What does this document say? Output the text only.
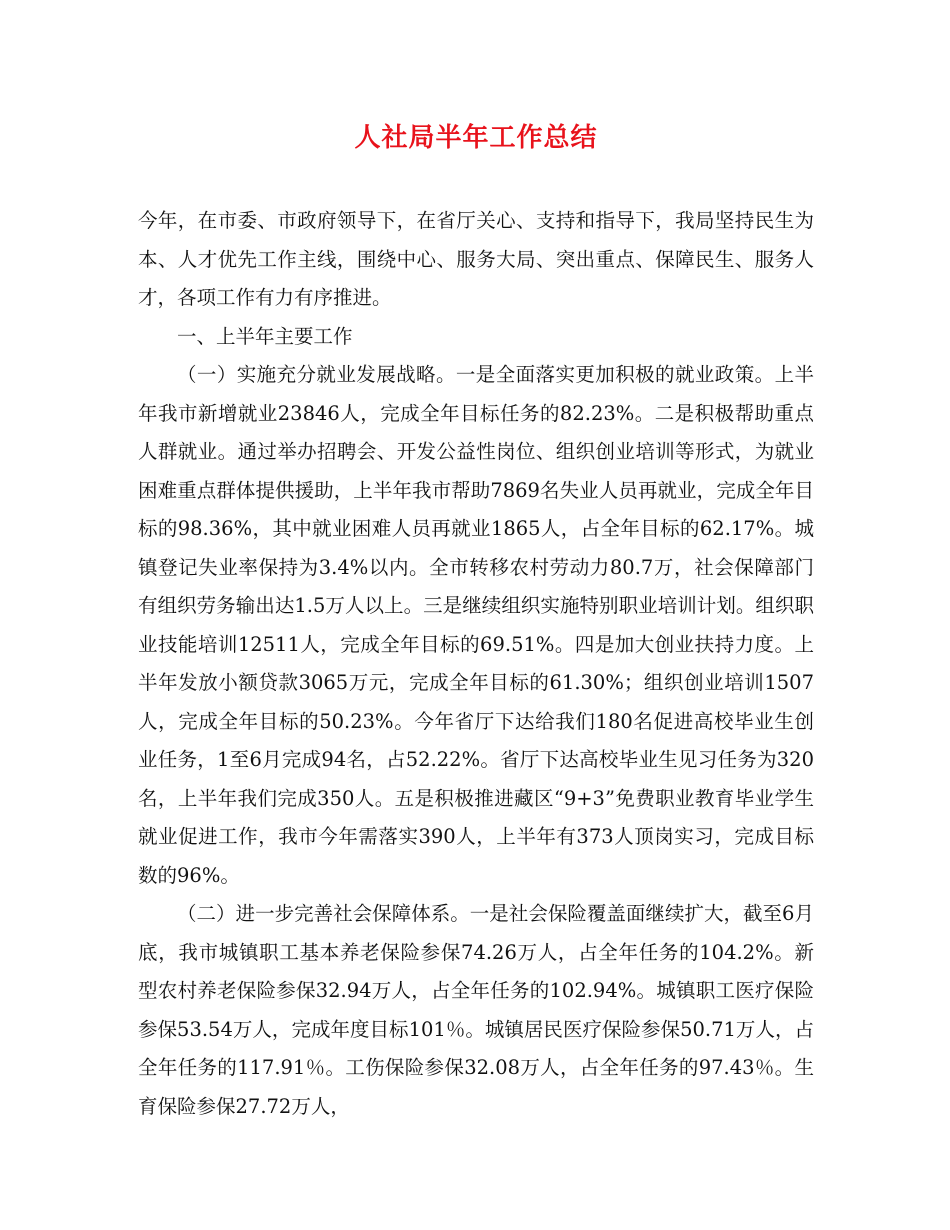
人社局半年工作总结

今年，在市委、市政府领导下，在省厅关心、支持和指导下，我局坚持民生为本、人才优先工作主线，围绕中心、服务大局、突出重点、保障民生、服务人才，各项工作有力有序推进。

一、上半年主要工作

（一）实施充分就业发展战略。一是全面落实更加积极的就业政策。上半年我市新增就业23846人，完成全年目标任务的82.23%。二是积极帮助重点人群就业。通过举办招聘会、开发公益性岗位、组织创业培训等形式，为就业困难重点群体提供援助，上半年我市帮助7869名失业人员再就业，完成全年目标的98.36%，其中就业困难人员再就业1865人，占全年目标的62.17%。城镇登记失业率保持为3.4%以内。全市转移农村劳动力80.7万，社会保障部门有组织劳务输出达1.5万人以上。三是继续组织实施特别职业培训计划。组织职业技能培训12511人，完成全年目标的69.51%。四是加大创业扶持力度。上半年发放小额贷款3065万元，完成全年目标的61.30%；组织创业培训1507人，完成全年目标的50.23%。今年省厅下达给我们180名促进高校毕业生创业任务，1至6月完成94名，占52.22%。省厅下达高校毕业生见习任务为320名，上半年我们完成350人。五是积极推进藏区“9+3”免费职业教育毕业学生就业促进工作，我市今年需落实390人，上半年有373人顶岗实习，完成目标数的96%。

（二）进一步完善社会保障体系。一是社会保险覆盖面继续扩大，截至6月底，我市城镇职工基本养老保险参保74.26万人，占全年任务的104.2%。新型农村养老保险参保32.94万人，占全年任务的102.94%。城镇职工医疗保险参保53.54万人，完成年度目标101％。城镇居民医疗保险参保50.71万人，占全年任务的117.91％。工伤保险参保32.08万人，占全年任务的97.43％。生育保险参保27.72万人，
